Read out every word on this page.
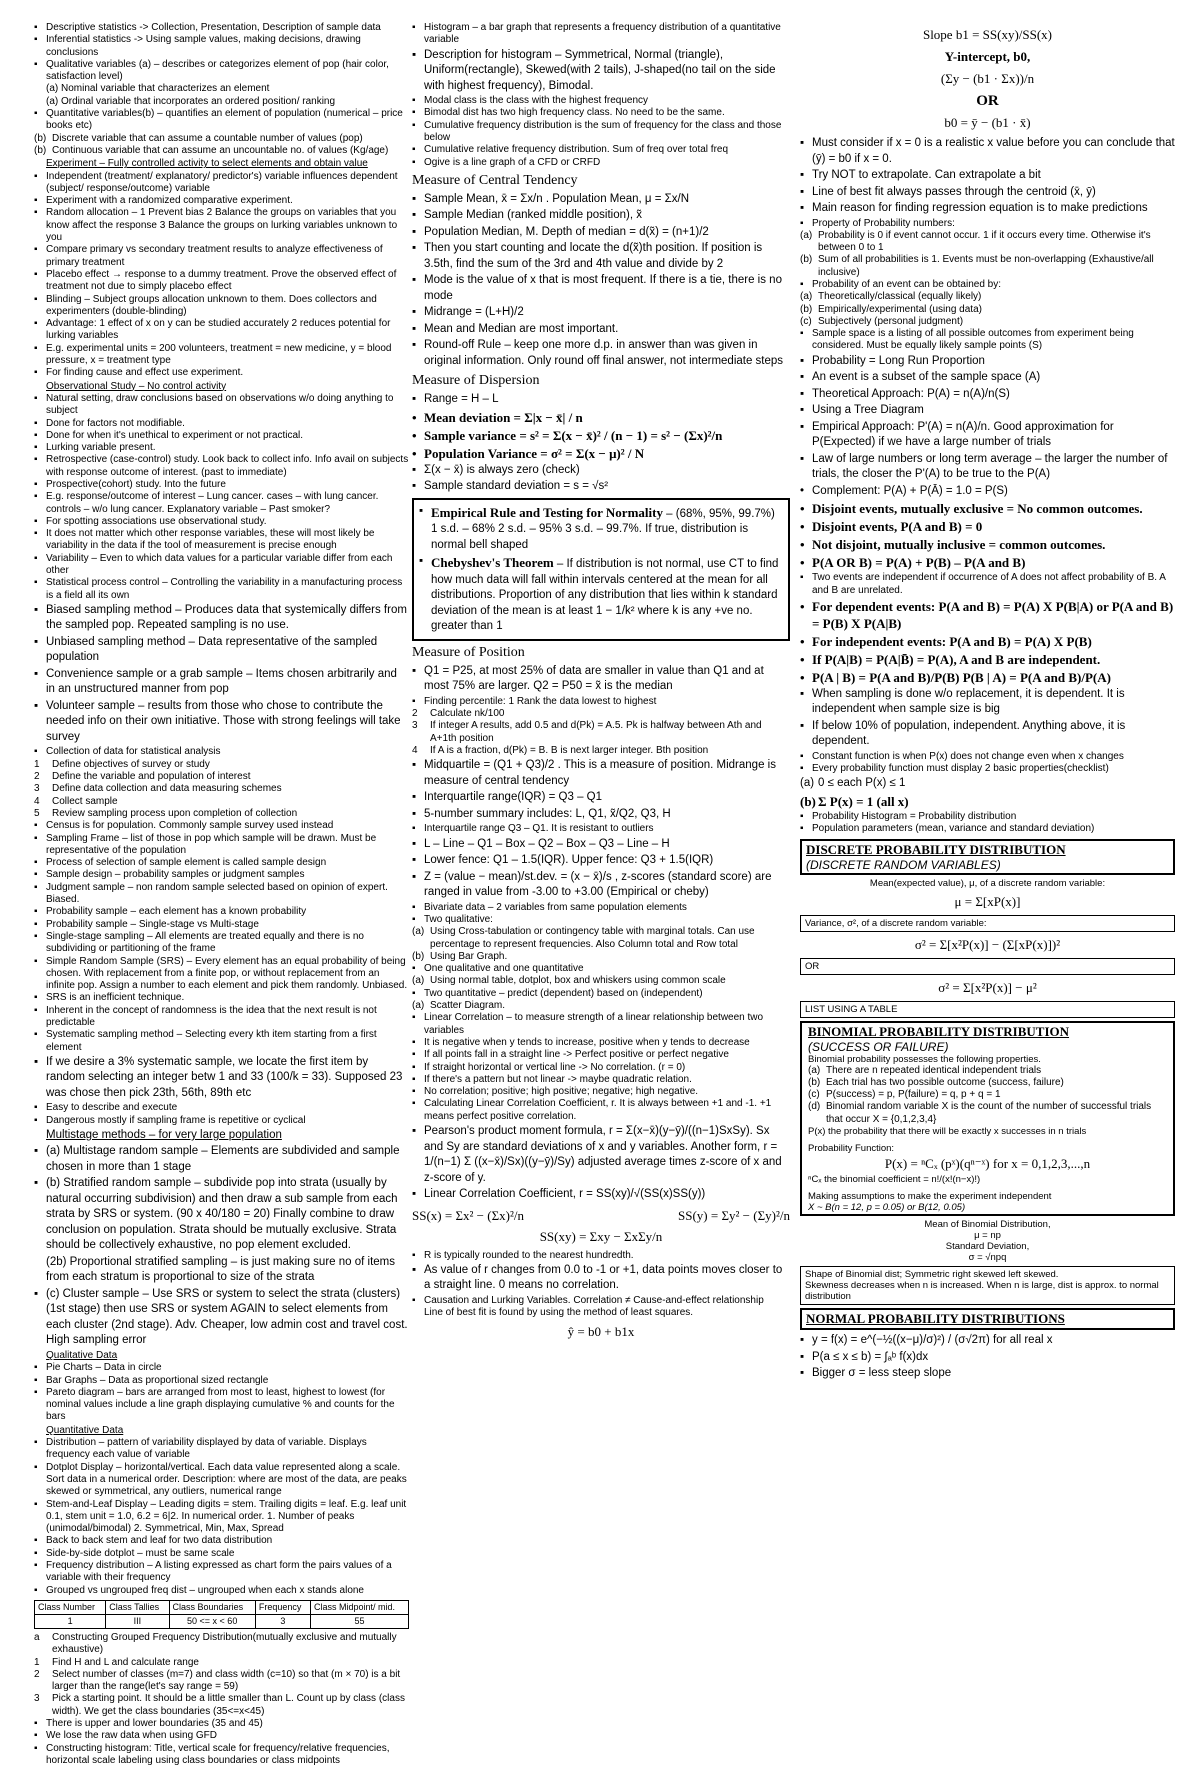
▪ Descriptive statistics -> Collection, Presentation, Description of sample data
▪ Inferential statistics -> Using sample values, making decisions, drawing conclusions
▪ Qualitative variables (a) – describes or categorizes element of pop (hair color, satisfaction level)
(a) Nominal variable that characterizes an element
(a) Ordinal variable that incorporates an ordered position/ ranking
▪ Quantitative variables(b) – quantifies an element of population (numerical – price books etc)
(b) Discrete variable that can assume a countable number of values (pop)
(b) Continuous variable that can assume an uncountable no. of values (Kg/age)
Experiment – Fully controlled activity to select elements and obtain value
▪ Independent (treatment/ explanatory/ predictor's) variable influences dependent (subject/ response/outcome) variable
▪ Experiment with a randomized comparative experiment.
▪ Random allocation – 1 Prevent bias 2 Balance the groups on variables that you know affect the response 3 Balance the groups on lurking variables unknown to you
▪ Compare primary vs secondary treatment results to analyze effectiveness of primary treatment
▪ Placebo effect → response to a dummy treatment. Prove the observed effect of treatment not due to simply placebo effect
▪ Blinding – Subject groups allocation unknown to them. Does collectors and experimenters (double-blinding)
▪ Advantage: 1 effect of x on y can be studied accurately 2 reduces potential for lurking variables
▪ E.g. experimental units = 200 volunteers, treatment = new medicine, y = blood pressure, x = treatment type
▪ For finding cause and effect use experiment.
Observational Study – No control activity
▪ Natural setting, draw conclusions based on observations w/o doing anything to subject
▪ Done for factors not modifiable.
▪ Done for when it's unethical to experiment or not practical.
▪ Lurking variable present.
▪ Retrospective (case-control) study. Look back to collect info. Info avail on subjects with response outcome of interest. (past to immediate)
▪ Prospective(cohort) study. Into the future
▪ E.g. response/outcome of interest – Lung cancer. cases – with lung cancer. controls – w/o lung cancer. Explanatory variable – Past smoker?
▪ For spotting associations use observational study.
▪ It does not matter which other response variables, these will most likely be variability in the data if the tool of measurement is precise enough
▪ Variability – Even to which data values for a particular variable differ from each other
▪ Statistical process control – Controlling the variability in a manufacturing process is a field all its own
▪ Biased sampling method – Produces data that systemically differs from the sampled pop. Repeated sampling is no use.
▪ Unbiased sampling method – Data representative of the sampled population
▪ Convenience sample or a grab sample – Items chosen arbitrarily and in an unstructured manner from pop
▪ Volunteer sample – results from those who chose to contribute the needed info on their own initiative. Those with strong feelings will take survey
▪ Collection of data for statistical analysis
1	Define objectives of survey or study
2	Define the variable and population of interest
3	Define data collection and data measuring schemes
4	Collect sample
5	Review sampling process upon completion of collection
▪ Census is for population. Commonly sample survey used instead
▪ Sampling Frame – list of those in pop which sample will be drawn. Must be representative of the population
▪ Process of selection of sample element is called sample design
▪ Sample design – probability samples or judgment samples
▪ Judgment sample – non random sample selected based on opinion of expert. Biased.
▪ Probability sample – each element has a known probability
▪ Probability sample – Single-stage vs Multi-stage
▪ Single-stage sampling – All elements are treated equally and there is no subdividing or partitioning of the frame
▪ Simple Random Sample (SRS) – Every element has an equal probability of being chosen. With replacement from a finite pop, or without replacement from an infinite pop. Assign a number to each element and pick them randomly. Unbiased.
▪ SRS is an inefficient technique.
▪ Inherent in the concept of randomness is the idea that the next result is not predictable
▪ Systematic sampling method – Selecting every kth item starting from a first element
▪ If we desire a 3% systematic sample, we locate the first item by random selecting an integer betw 1 and 33 (100/k = 33). Supposed 23 was chose then pick 23th, 56th, 89th etc
▪ Easy to describe and execute
▪ Dangerous mostly if sampling frame is repetitive or cyclical
Multistage methods – for very large population
▪ (a) Multistage random sample – Elements are subdivided and sample chosen in more than 1 stage
▪ (b) Stratified random sample – subdivide pop into strata (usually by natural occurring subdivision) and then draw a sub sample from each strata by SRS or system. (90 x 40/180 = 20) Finally combine to draw conclusion on population. Strata should be mutually exclusive. Strata should be collectively exhaustive, no pop element excluded.
(2b) Proportional stratified sampling – is just making sure no of items from each stratum is proportional to size of the strata
▪ (c) Cluster sample – Use SRS or system to select the strata (clusters)(1st stage) then use SRS or system AGAIN to select elements from each cluster (2nd stage). Adv. Cheaper, low admin cost and travel cost. High sampling error
Qualitative Data
▪ Pie Charts – Data in circle
▪ Bar Graphs – Data as proportional sized rectangle
▪ Pareto diagram – bars are arranged from most to least, highest to lowest (for nominal values include a line graph displaying cumulative % and counts for the bars
Quantitative Data
▪ Distribution – pattern of variability displayed by data of variable. Displays frequency each value of variable
▪ Dotplot Display – horizontal/vertical. Each data value represented along a scale. Sort data in a numerical order. Description: where are most of the data, are peaks skewed or symmetrical, any outliers, numerical range
▪ Stem-and-Leaf Display – Leading digits = stem. Trailing digits = leaf. E.g. leaf unit 0.1, stem unit = 1.0, 6.2 = 6|2. In numerical order. 1. Number of peaks (unimodal/bimodal) 2. Symmetrical, Min, Max, Spread
▪ Back to back stem and leaf for two data distribution
▪ Side-by-side dotplot – must be same scale
▪ Frequency distribution – A listing expressed as chart form the pairs values of a variable with their frequency
▪ Grouped vs ungrouped freq dist – ungrouped when each x stands alone
Class Number	Class Tallies	Class Boundaries	Frequency	Class Midpoint/ mid.
1	III	50 <= x < 60	3	55
a	Constructing Grouped Frequency Distribution(mutually exclusive and mutually exhaustive)
1	Find H and L and calculate range
2	Select number of classes (m=7) and class width (c=10) so that (m × 70) is a bit larger than the range(let's say range = 59)
3	Pick a starting point. It should be a little smaller than L. Count up by class (class width). We get the class boundaries (35<=x<45)
▪ There is upper and lower boundaries (35 and 45)
▪ We lose the raw data when using GFD
▪ Constructing histogram: Title, vertical scale for frequency/relative frequencies, horizontal scale labeling using class boundaries or class midpoints
▪ Histogram – a bar graph that represents a frequency distribution of a quantitative variable
▪ Description for histogram – Symmetrical, Normal (triangle), Uniform(rectangle), Skewed(with 2 tails), J-shaped(no tail on the side with highest frequency), Bimodal.
▪ Modal class is the class with the highest frequency
▪ Bimodal dist has two high frequency class. No need to be the same.
▪ Cumulative frequency distribution is the sum of frequency for the class and those below
▪ Cumulative relative frequency distribution. Sum of freq over total freq
▪ Ogive is a line graph of a CFD or CRFD
Measure of Central Tendency
▪ Sample Mean, x̄ = Σx/n . Population Mean, μ = Σx/N
▪ Sample Median (ranked middle position), x̃
▪ Population Median, M. Depth of median = d(x̃) = (n+1)/2
▪ Then you start counting and locate the d(x̃)th position. If position is 3.5th, find the sum of the 3rd and 4th value and divide by 2
▪ Mode is the value of x that is most frequent. If there is a tie, there is no mode
▪ Midrange = (L+H)/2
▪ Mean and Median are most important.
▪ Round-off Rule – keep one more d.p. in answer than was given in original information. Only round off final answer, not intermediate steps
Measure of Dispersion
▪ Range = H – L
• Mean deviation = Σ|x − x̄| / n
• Sample variance = s² = Σ(x − x̄)² / (n − 1) = s² − (Σx)²/n
• Population Variance = σ² = Σ(x − μ)² / N
▪ Σ(x − x̄) is always zero (check)
▪ Sample standard deviation = s = √s²
▪ Empirical Rule and Testing for Normality – (68%, 95%, 99.7%) 1 s.d. – 68% 2 s.d. – 95% 3 s.d. – 99.7%. If true, distribution is normal bell shaped
▪ Chebyshev's Theorem – If distribution is not normal, use CT to find how much data will fall within intervals centered at the mean for all distributions. Proportion of any distribution that lies within k standard deviation of the mean is at least 1 − 1/k² where k is any +ve no. greater than 1
Measure of Position
▪ Q1 = P25, at most 25% of data are smaller in value than Q1 and at most 75% are larger. Q2 = P50 = x̃ is the median
▪ Finding percentile: 1 Rank the data lowest to highest
2	Calculate nk/100
3	If integer A results, add 0.5 and d(Pk) = A.5. Pk is halfway between Ath and A+1th position
4	If A is a fraction, d(Pk) = B. B is next larger integer. Bth position
▪ Midquartile = (Q1 + Q3)/2 . This is a measure of position. Midrange is measure of central tendency
▪ Interquartile range(IQR) = Q3 – Q1
▪ 5-number summary includes: L, Q1, x̃/Q2, Q3, H
▪ Interquartile range Q3 – Q1. It is resistant to outliers
▪ L – Line – Q1 – Box – Q2 – Box – Q3 – Line – H
▪ Lower fence: Q1 – 1.5(IQR). Upper fence: Q3 + 1.5(IQR)
▪ Z = (value − mean)/st.dev. = (x − x̄)/s , z-scores (standard score) are ranged in value from -3.00 to +3.00 (Empirical or cheby)
▪ Bivariate data – 2 variables from same population elements
▪ Two qualitative:
(a) Using Cross-tabulation or contingency table with marginal totals. Can use percentage to represent frequencies. Also Column total and Row total
(b) Using Bar Graph.
▪ One qualitative and one quantitative
(a) Using normal table, dotplot, box and whiskers using common scale
▪ Two quantitative – predict (dependent) based on (independent)
(a) Scatter Diagram.
▪ Linear Correlation – to measure strength of a linear relationship between two variables
▪ It is negative when y tends to increase, positive when y tends to decrease
▪ If all points fall in a straight line -> Perfect positive or perfect negative
▪ If straight horizontal or vertical line -> No correlation. (r = 0)
▪ If there's a pattern but not linear -> maybe quadratic relation.
▪ No correlation; positive; high positive; negative; high negative.
▪ Calculating Linear Correlation Coefficient, r. It is always between +1 and -1. +1 means perfect positive correlation.
▪ Pearson's product moment formula, r = Σ(x−x̄)(y−ȳ)/((n−1)SxSy). Sx and Sy are standard deviations of x and y variables. Another form, r = 1/(n−1) Σ ((x−x̄)/Sx)((y−ȳ)/Sy) adjusted average times z-score of x and z-score of y.
▪ Linear Correlation Coefficient, r = SS(xy)/√(SS(x)SS(y))
SS(x) = Σx² − (Σx)²/n	SS(y) = Σy² − (Σy)²/n
SS(xy) = Σxy − ΣxΣy/n
▪ R is typically rounded to the nearest hundredth.
▪ As value of r changes from 0.0 to -1 or +1, data points moves closer to a straight line. 0 means no correlation.
▪ Causation and Lurking Variables. Correlation ≠ Cause-and-effect relationship
Line of best fit is found by using the method of least squares.
ŷ = b0 + b1x
Slope b1 = SS(xy)/SS(x)
Y-intercept, b0,
(Σy − (b1 · Σx))/n
OR
b0 = ȳ − (b1 · x̄)
▪ Must consider if x = 0 is a realistic x value before you can conclude that (ȳ) = b0 if x = 0.
▪ Try NOT to extrapolate. Can extrapolate a bit
▪ Line of best fit always passes through the centroid (x̄, ȳ)
▪ Main reason for finding regression equation is to make predictions
▪ Property of Probability numbers:
(a) Probability is 0 if event cannot occur. 1 if it occurs every time. Otherwise it's between 0 to 1
(b) Sum of all probabilities is 1. Events must be non-overlapping (Exhaustive/all inclusive)
▪ Probability of an event can be obtained by:
(a) Theoretically/classical (equally likely)
(b) Empirically/experimental (using data)
(c) Subjectively (personal judgment)
▪ Sample space is a listing of all possible outcomes from experiment being considered. Must be equally likely sample points (S)
▪ Probability = Long Run Proportion
▪ An event is a subset of the sample space (A)
▪ Theoretical Approach: P(A) = n(A)/n(S)
▪ Using a Tree Diagram
▪ Empirical Approach: P'(A) = n(A)/n. Good approximation for P(Expected) if we have a large number of trials
▪ Law of large numbers or long term average – the larger the number of trials, the closer the P'(A) to be true to the P(A)
• Complement: P(A) + P(Ā) = 1.0 = P(S)
• Disjoint events, mutually exclusive = No common outcomes.
• Disjoint events, P(A and B) = 0
• Not disjoint, mutually inclusive = common outcomes.
• P(A OR B) = P(A) + P(B) – P(A and B)
▪ Two events are independent if occurrence of A does not affect probability of B. A and B are unrelated.
• For dependent events: P(A and B) = P(A) X P(B|A) or P(A and B) = P(B) X P(A|B)
• For independent events: P(A and B) = P(A) X P(B)
• If P(A|B) = P(A|B̄) = P(A), A and B are independent.
• P(A | B) = P(A and B)/P(B) P(B | A) = P(A and B)/P(A)
▪ When sampling is done w/o replacement, it is dependent. It is independent when sample size is big
▪ If below 10% of population, independent. Anything above, it is dependent.
▪ Constant function is when P(x) does not change even when x changes
▪ Every probability function must display 2 basic properties(checklist)
(a) 0 ≤ each P(x) ≤ 1
(b) Σ P(x) = 1 (all x)
▪ Probability Histogram = Probability distribution
▪ Population parameters (mean, variance and standard deviation)
DISCRETE PROBABILITY DISTRIBUTION
(DISCRETE RANDOM VARIABLES)
Mean(expected value), μ, of a discrete random variable:
μ = Σ[xP(x)]
Variance, σ², of a discrete random variable:
σ² = Σ[x²P(x)] − (Σ[xP(x)])²
OR
σ² = Σ[x²P(x)] − μ²
LIST USING A TABLE
BINOMIAL PROBABILITY DISTRIBUTION
(SUCCESS OR FAILURE)
Binomial probability possesses the following properties.
(a) There are n repeated identical independent trials
(b) Each trial has two possible outcome (success, failure)
(c) P(success) = p, P(failure) = q, p + q = 1
(d) Binomial random variable X is the count of the number of successful trials that occur X = {0,1,2,3,4}
P(x) the probability that there will be exactly x successes in n trials
Probability Function:
P(x) = ⁿCₓ (pˣ)(qⁿ⁻ˣ) for x = 0,1,2,3,...,n
ⁿCₓ the binomial coefficient = n!/(x!(n−x)!)
Making assumptions to make the experiment independent
X ~ B(n = 12, p = 0.05) or B(12, 0.05)
Mean of Binomial Distribution,
μ = np
Standard Deviation,
σ = √npq
Shape of Binomial dist; Symmetric right skewed left skewed.
Skewness decreases when n is increased. When n is large, dist is approx. to normal distribution
NORMAL PROBABILITY DISTRIBUTIONS
▪ y = f(x) = e^(−½((x−μ)/σ)²) / (σ√2π) for all real x
▪ P(a ≤ x ≤ b) = ∫ₐᵇ f(x)dx
▪ Bigger σ = less steep slope
